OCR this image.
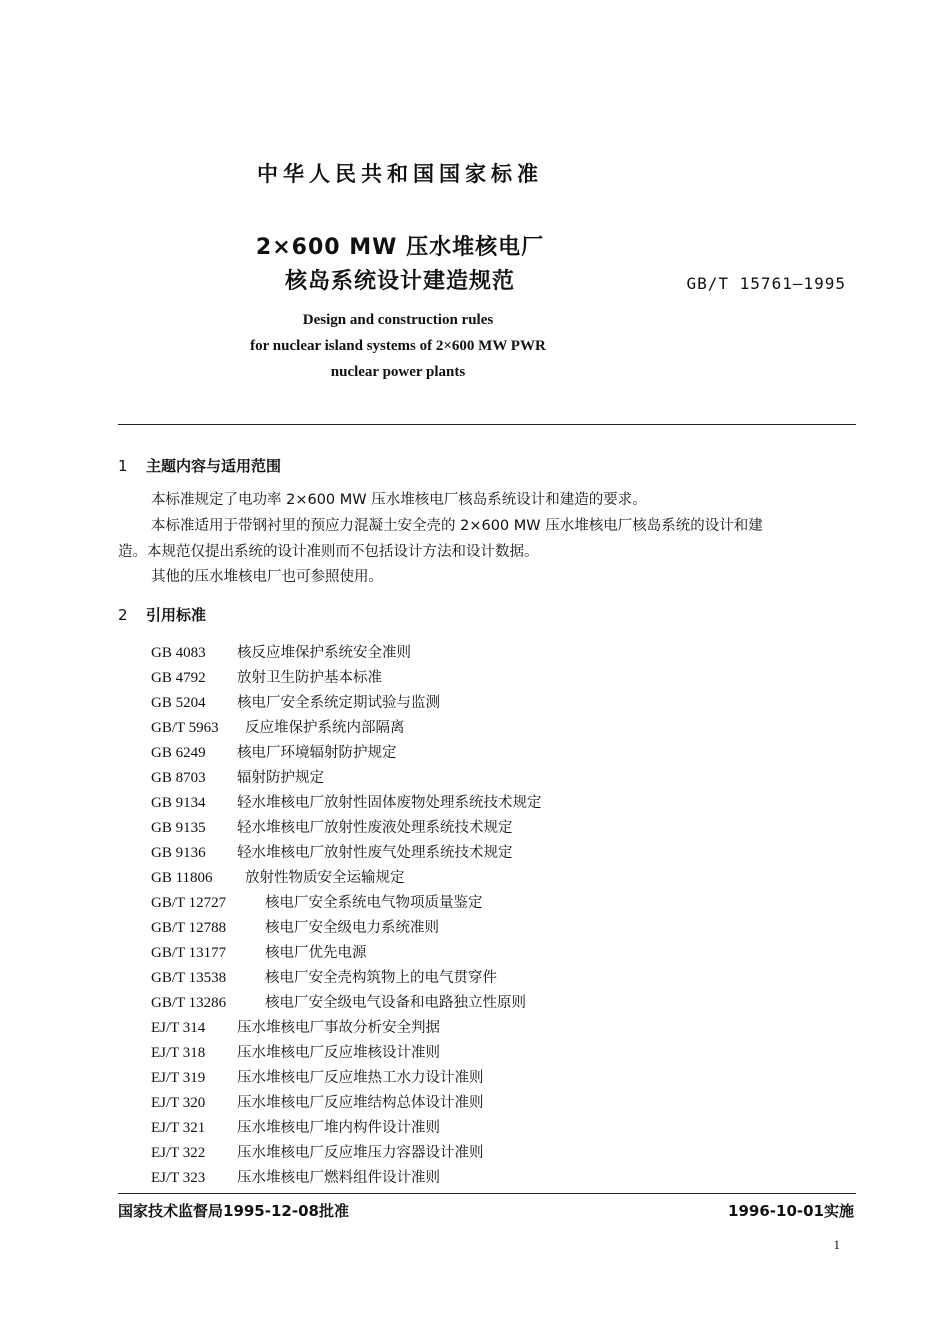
中华人民共和国国家标准
2×600 MW 压水堆核电厂
核岛系统设计建造规范	GB/T 15761—1995
Design and construction rules
for nuclear island systems of 2×600 MW PWR
nuclear power plants
1 主题内容与适用范围
本标准规定了电功率 2×600 MW 压水堆核电厂核岛系统设计和建造的要求。
本标准适用于带钢衬里的预应力混凝土安全壳的 2×600 MW 压水堆核电厂核岛系统的设计和建
造。本规范仅提出系统的设计准则而不包括设计方法和设计数据。
其他的压水堆核电厂也可参照使用。
2 引用标准
GB 4083 核反应堆保护系统安全准则
GB 4792 放射卫生防护基本标准
GB 5204 核电厂安全系统定期试验与监测
GB/T 5963 反应堆保护系统内部隔离
GB 6249 核电厂环境辐射防护规定
GB 8703 辐射防护规定
GB 9134 轻水堆核电厂放射性固体废物处理系统技术规定
GB 9135 轻水堆核电厂放射性废液处理系统技术规定
GB 9136 轻水堆核电厂放射性废气处理系统技术规定
GB 11806 放射性物质安全运输规定
GB/T 12727	核电厂安全系统电气物项质量鉴定
GB/T 12788	核电厂安全级电力系统准则
GB/T 13177	核电厂优先电源
GB/T 13538	核电厂安全壳构筑物上的电气贯穿件
GB/T 13286	核电厂安全级电气设备和电路独立性原则
EJ/T 314 压水堆核电厂事故分析安全判据
EJ/T 318 压水堆核电厂反应堆核设计准则
EJ/T 319 压水堆核电厂反应堆热工水力设计准则
EJ/T 320 压水堆核电厂反应堆结构总体设计准则
EJ/T 321 压水堆核电厂堆内构件设计准则
EJ/T 322 压水堆核电厂反应堆压力容器设计准则
EJ/T 323 压水堆核电厂燃料组件设计准则
国家技术监督局1995-12-08批准	1996-10-01实施
1
